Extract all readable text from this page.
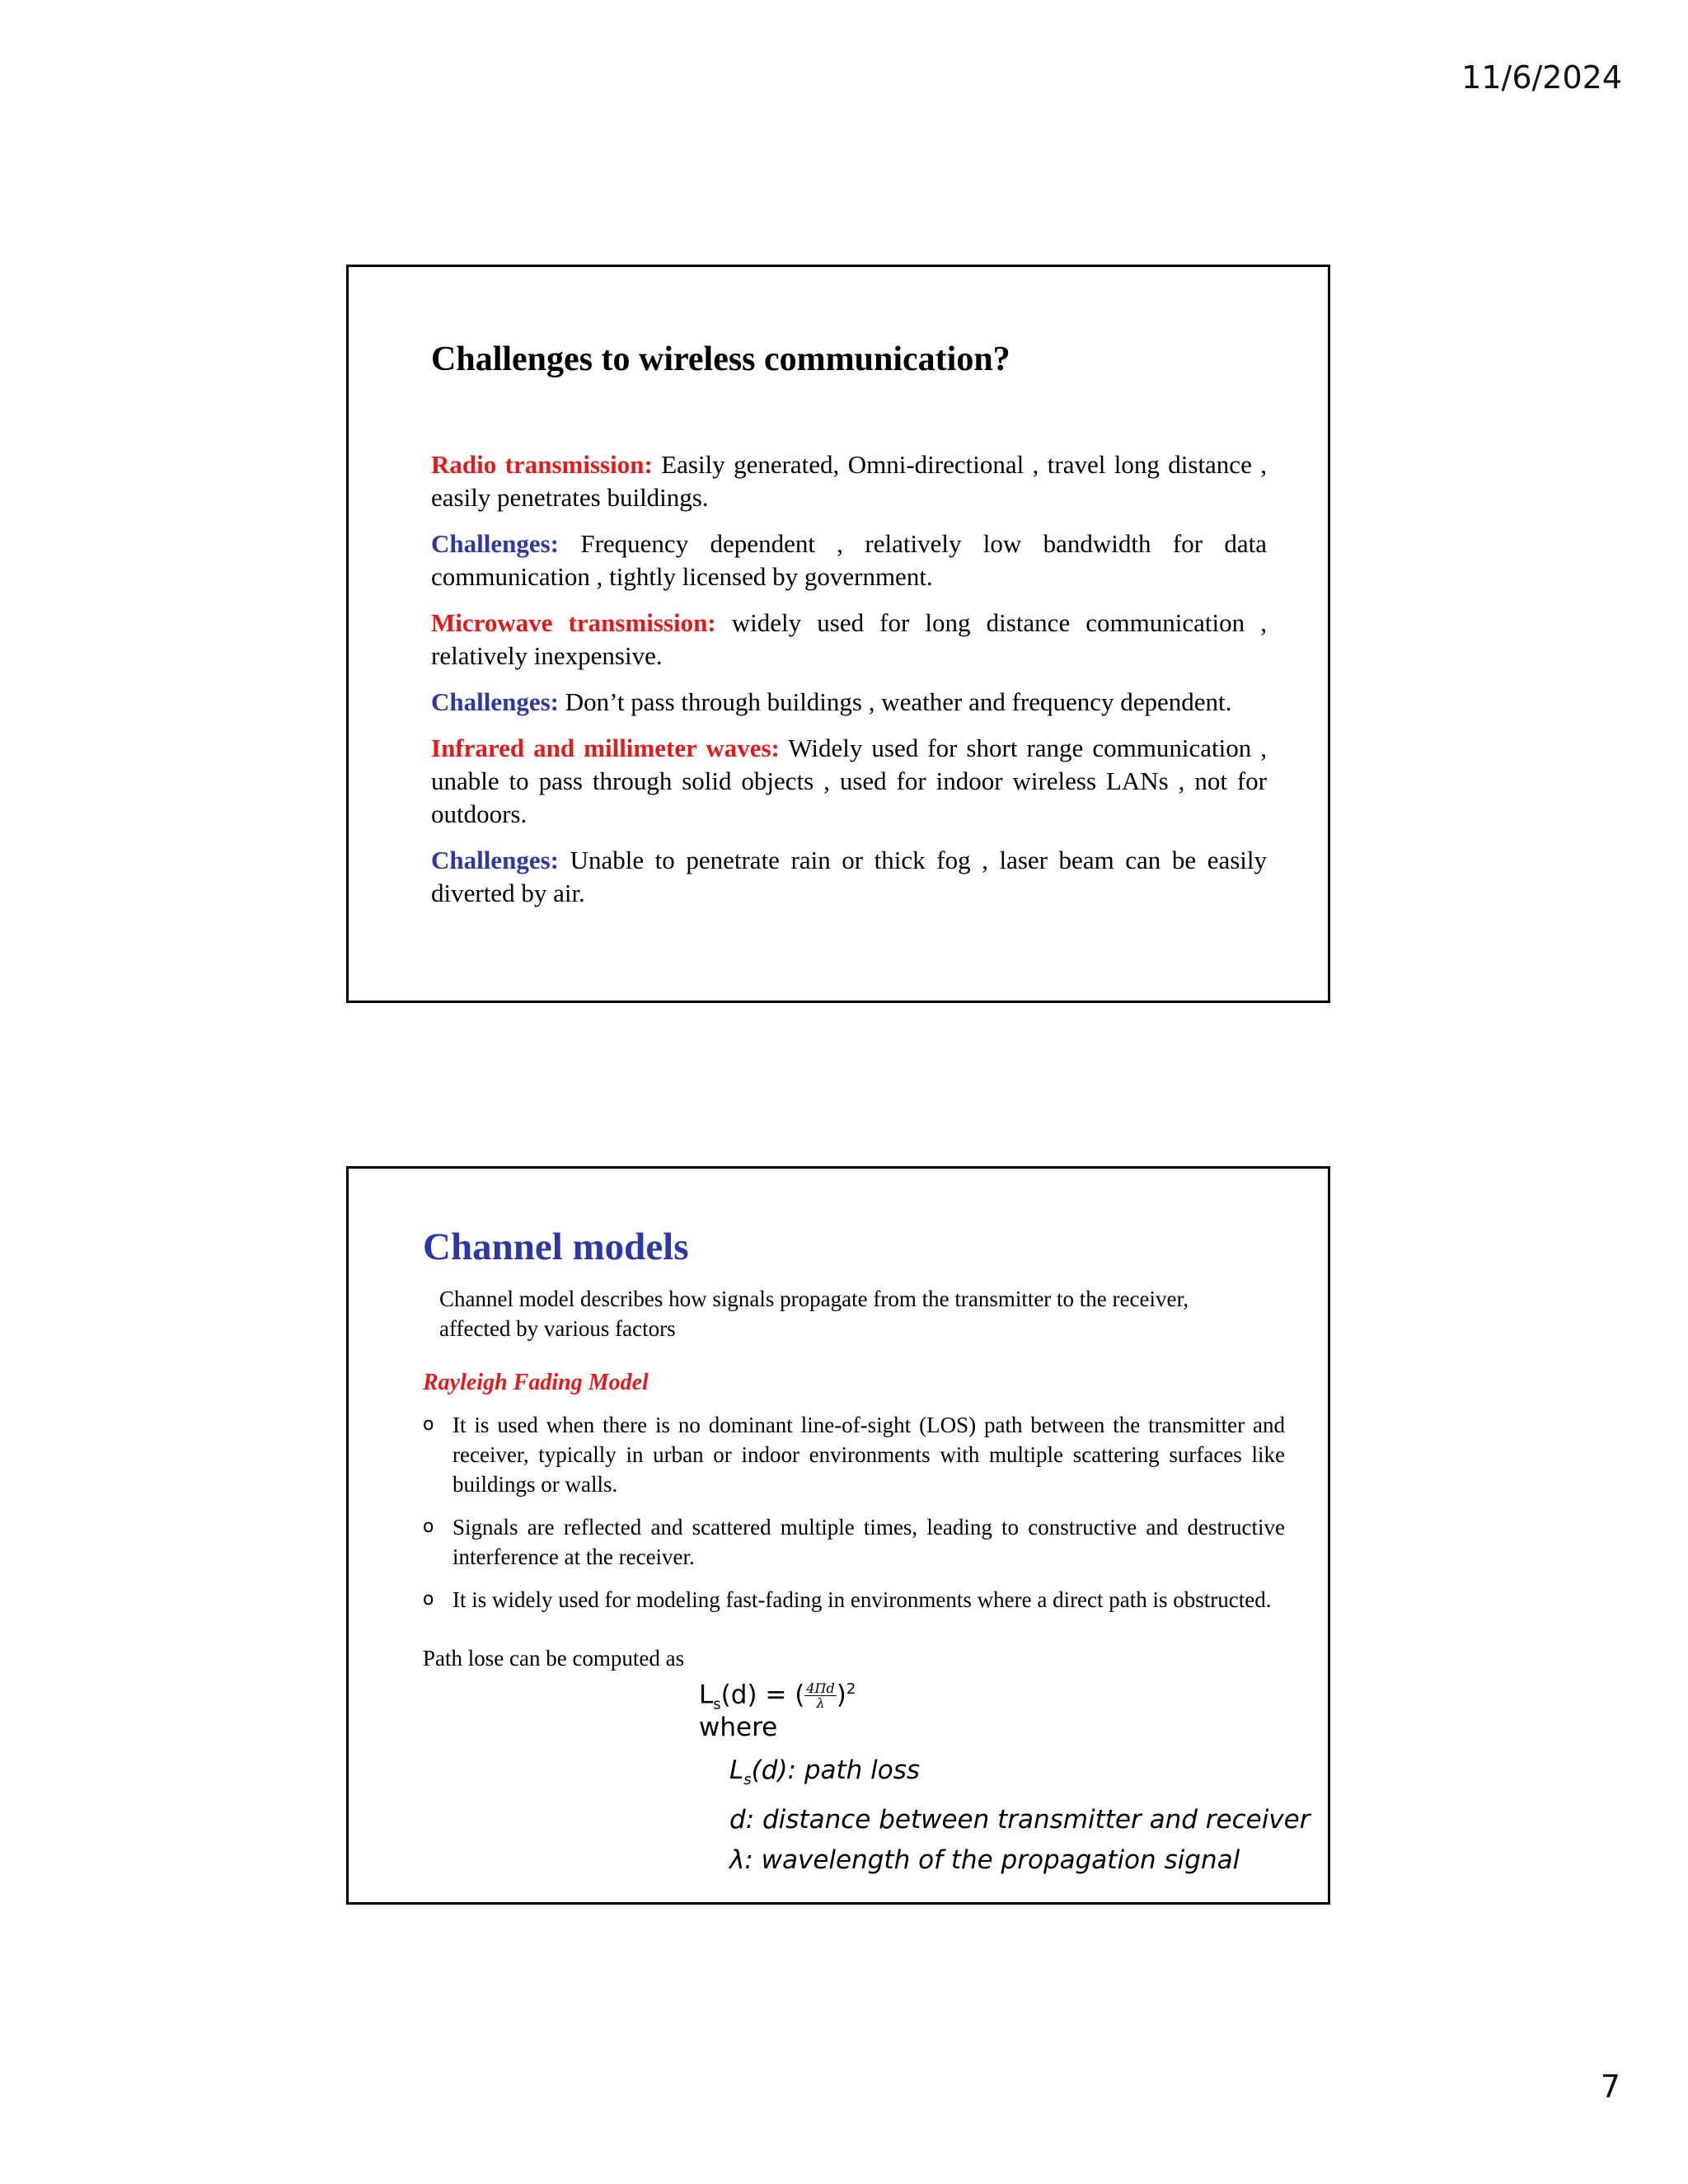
11/6/2024
Challenges to wireless communication?

Radio transmission: Easily generated, Omni-directional , travel long distance , easily penetrates buildings.

Challenges: Frequency dependent , relatively low bandwidth for data communication , tightly licensed by government.

Microwave transmission: widely used for long distance communication , relatively inexpensive.

Challenges: Don’t pass through buildings , weather and frequency dependent.

Infrared and millimeter waves: Widely used for short range communication , unable to pass through solid objects , used for indoor wireless LANs , not for outdoors.

Challenges: Unable to penetrate rain or thick fog , laser beam can be easily diverted by air.

Channel models

Channel model describes how signals propagate from the transmitter to the receiver, affected by various factors

Rayleigh Fading Model

o It is used when there is no dominant line-of-sight (LOS) path between the transmitter and receiver, typically in urban or indoor environments with multiple scattering surfaces like buildings or walls.
o Signals are reflected and scattered multiple times, leading to constructive and destructive interference at the receiver.
o It is widely used for modeling fast-fading in environments where a direct path is obstructed.

Path lose can be computed as

$L_s(d)$ = ( $\frac{4\Pi d}{\lambda} )^2$
where
$L_s(d)$: path loss
d: distance between transmitter and receiver
λ: wavelength of the propagation signal
7
